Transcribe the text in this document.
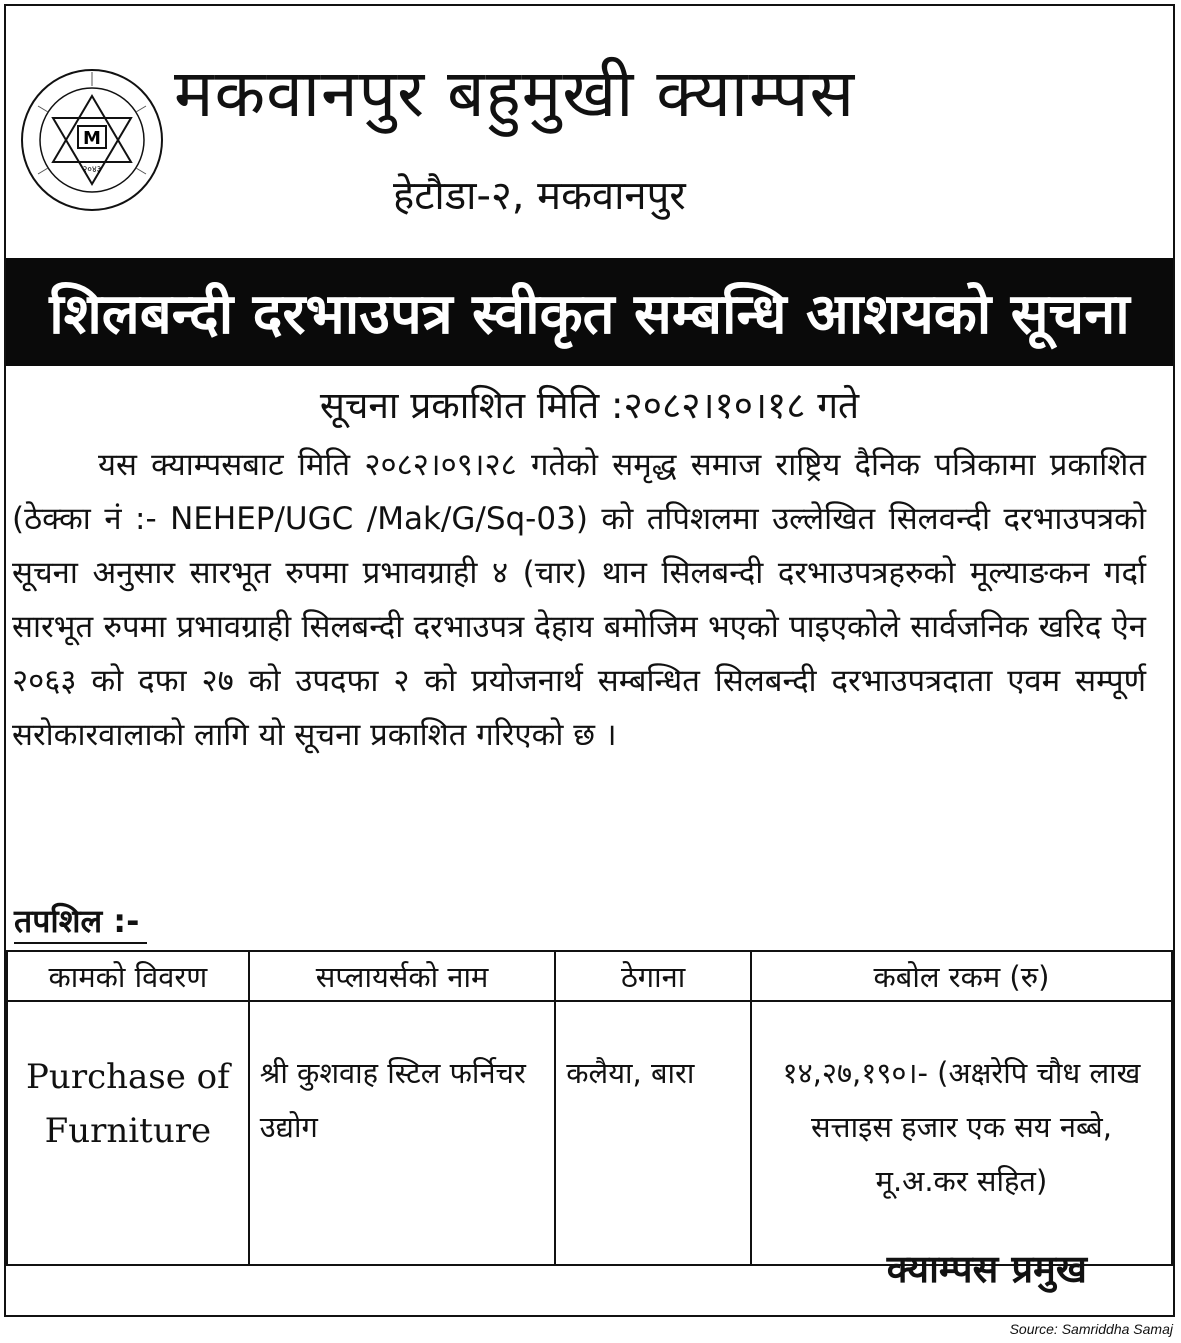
M
२०४३
मकवानपुर बहुमुखी क्याम्पस
हेटौडा-२, मकवानपुर
शिलबन्दी दरभाउपत्र स्वीकृत सम्बन्धि आशयको सूचना
सूचना प्रकाशित मिति :२०८२।१०।१८ गते
यस क्याम्पसबाट मिति २०८२।०९।२८ गतेको समृद्ध समाज राष्ट्रिय दैनिक पत्रिकामा प्रकाशित (ठेक्का नं :- NEHEP/UGC /Mak/G/Sq-03) को तपिशलमा उल्लेखित सिलवन्दी दरभाउपत्रको सूचना अनुसार सारभूत रुपमा प्रभावग्राही ४ (चार) थान सिलबन्दी दरभाउपत्रहरुको मूल्याङकन गर्दा सारभूत रुपमा प्रभावग्राही सिलबन्दी दरभाउपत्र देहाय बमोजिम भएको पाइएकोले सार्वजनिक खरिद ऐन २०६३ को दफा २७ को उपदफा २ को प्रयोजनार्थ सम्बन्धित सिलबन्दी दरभाउपत्रदाता एवम सम्पूर्ण सरोकारवालाको लागि यो सूचना प्रकाशित गरिएको छ ।
तपशिल :-
कामको विवरण	सप्लायर्सको नाम	ठेगाना	कबोल रकम (रु)
Purchase of Furniture	श्री कुशवाह स्टिल फर्निचर उद्योग	कलैया, बारा	१४,२७,१९०।- (अक्षरेपि चौध लाख सत्ताइस हजार एक सय नब्बे, मू.अ.कर सहित)
क्याम्पस प्रमुख
Source: Samriddha Samaj
